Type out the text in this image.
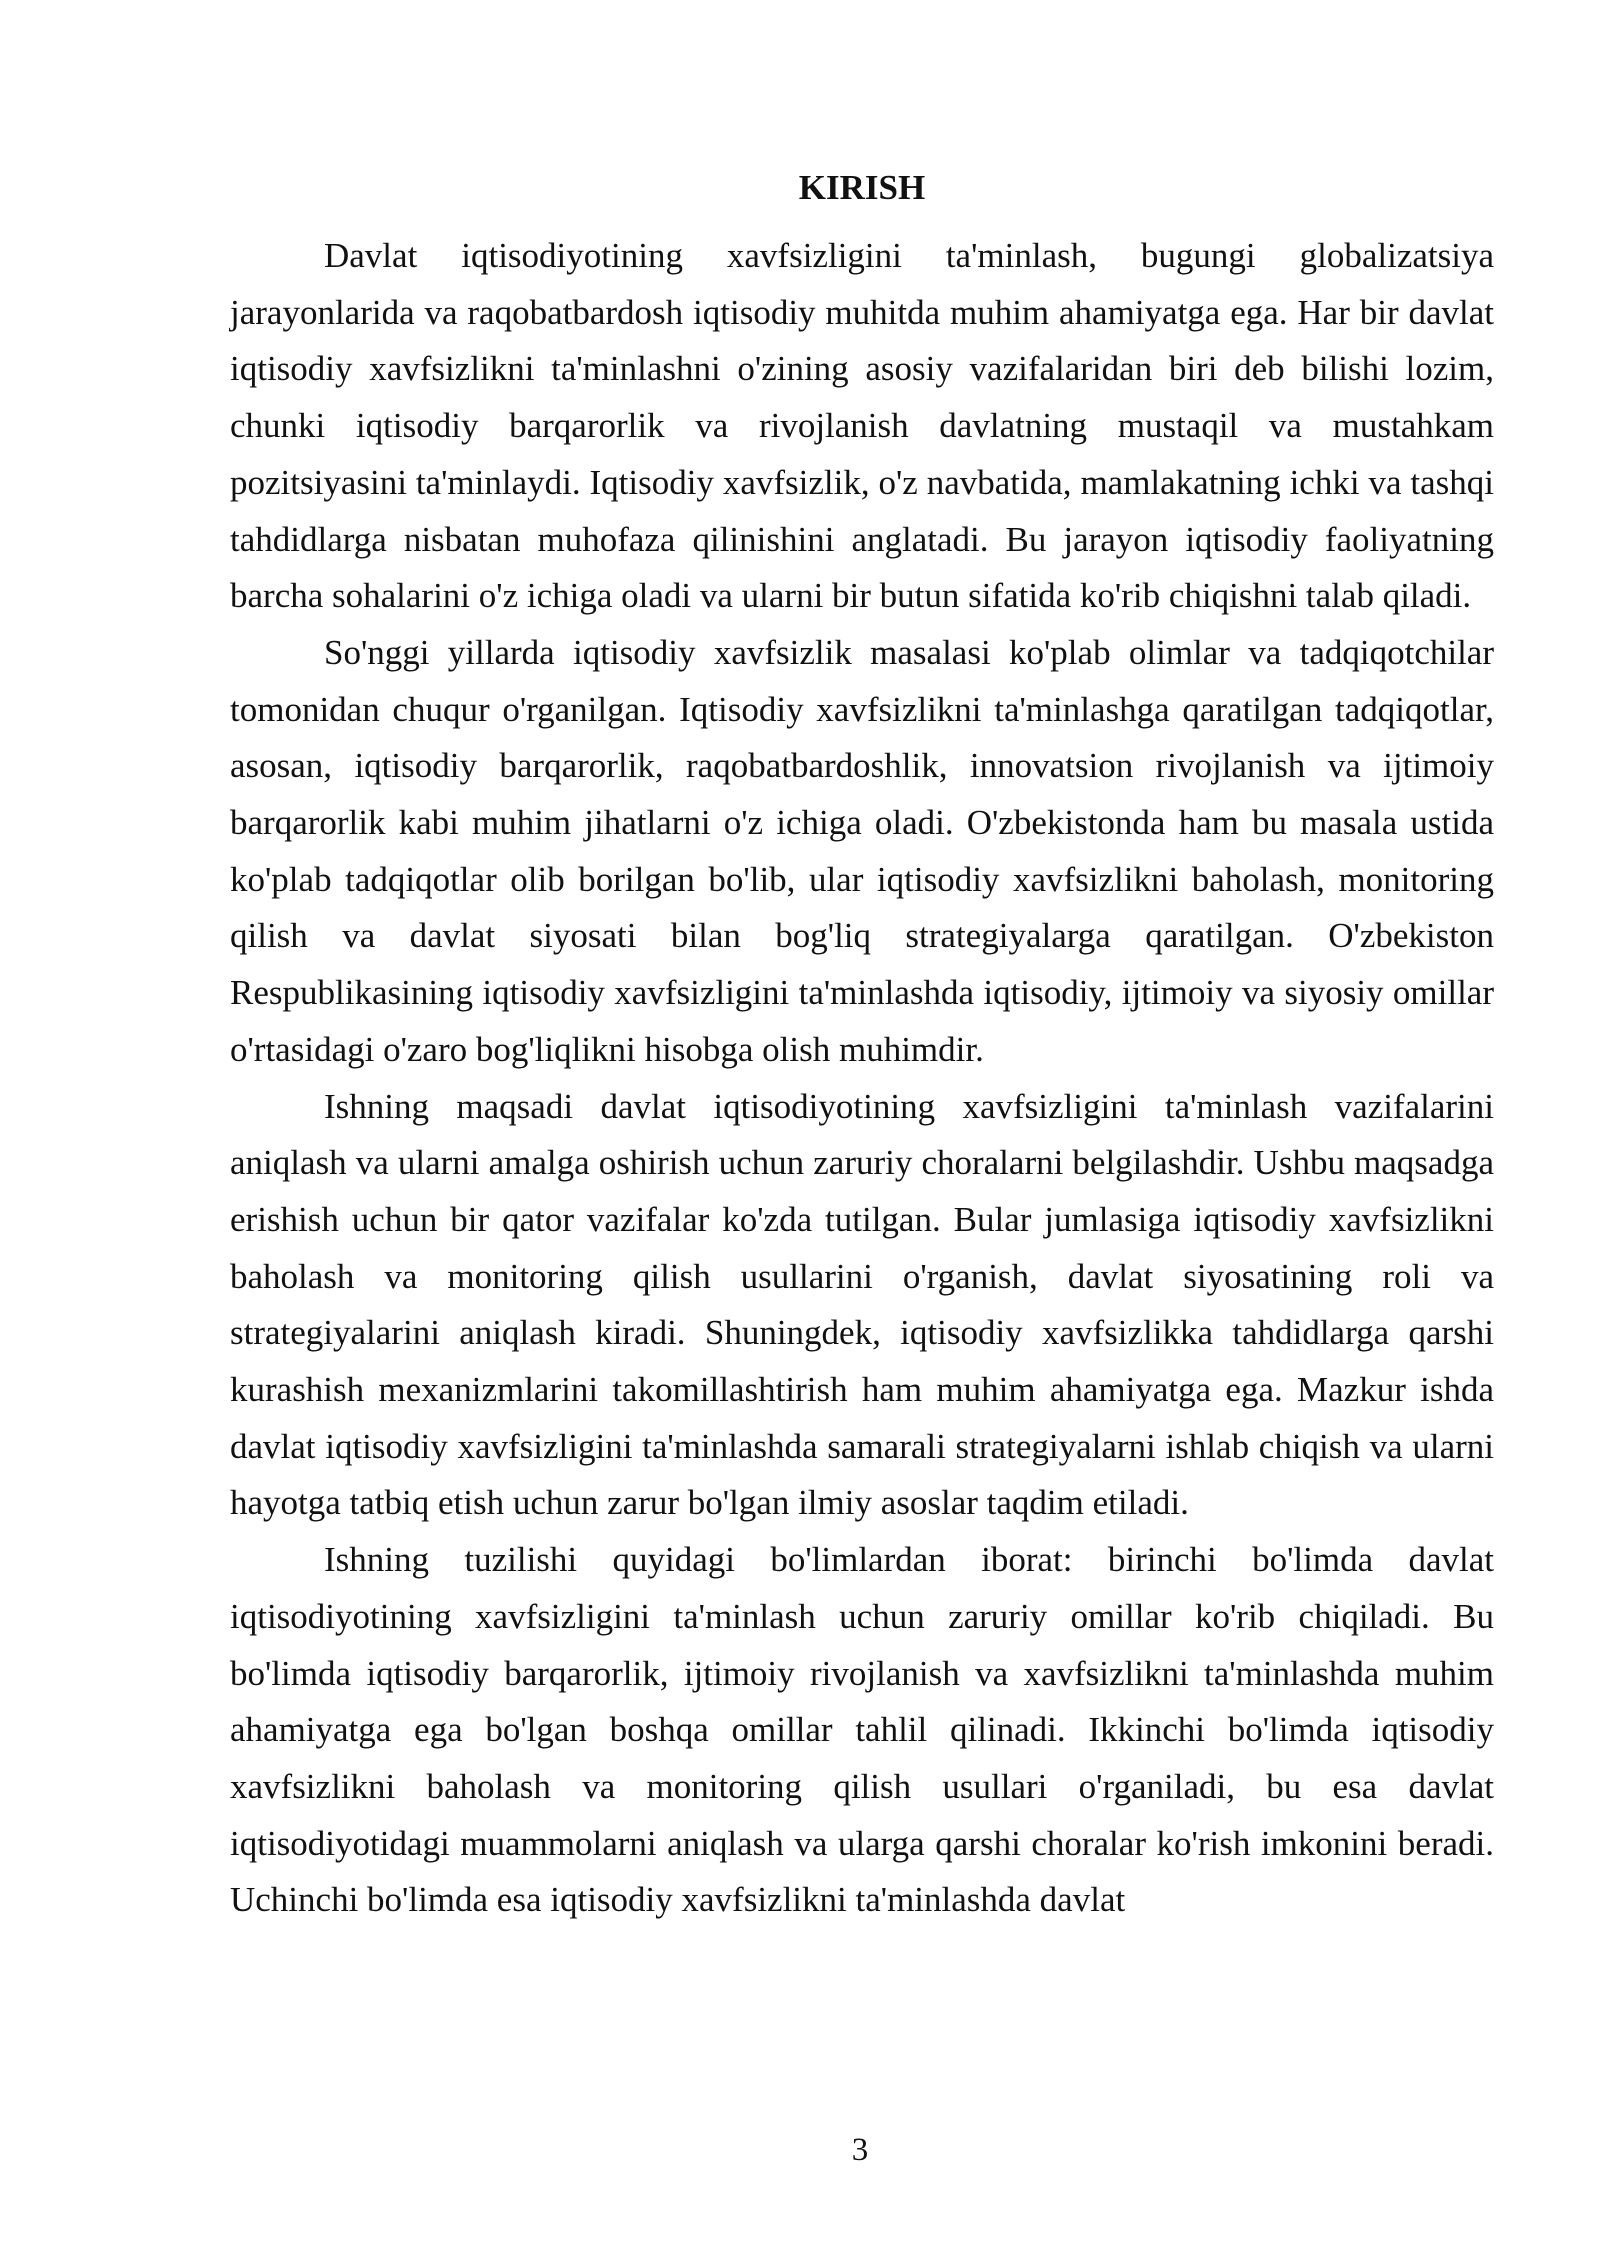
KIRISH

Davlat iqtisodiyotining xavfsizligini ta'minlash, bugungi globalizatsiya jarayonlarida va raqobatbardosh iqtisodiy muhitda muhim ahamiyatga ega. Har bir davlat iqtisodiy xavfsizlikni ta'minlashni o'zining asosiy vazifalaridan biri deb bilishi lozim, chunki iqtisodiy barqarorlik va rivojlanish davlatning mustaqil va mustahkam pozitsiyasini ta'minlaydi. Iqtisodiy xavfsizlik, o'z navbatida, mamlakatning ichki va tashqi tahdidlarga nisbatan muhofaza qilinishini anglatadi. Bu jarayon iqtisodiy faoliyatning barcha sohalarini o'z ichiga oladi va ularni bir butun sifatida ko'rib chiqishni talab qiladi.

So'nggi yillarda iqtisodiy xavfsizlik masalasi ko'plab olimlar va tadqiqotchilar tomonidan chuqur o'rganilgan. Iqtisodiy xavfsizlikni ta'minlashga qaratilgan tadqiqotlar, asosan, iqtisodiy barqarorlik, raqobatbardoshlik, innovatsion rivojlanish va ijtimoiy barqarorlik kabi muhim jihatlarni o'z ichiga oladi. O'zbekistonda ham bu masala ustida ko'plab tadqiqotlar olib borilgan bo'lib, ular iqtisodiy xavfsizlikni baholash, monitoring qilish va davlat siyosati bilan bog'liq strategiyalarga qaratilgan. O'zbekiston Respublikasining iqtisodiy xavfsizligini ta'minlashda iqtisodiy, ijtimoiy va siyosiy omillar o'rtasidagi o'zaro bog'liqlikni hisobga olish muhimdir.

Ishning maqsadi davlat iqtisodiyotining xavfsizligini ta'minlash vazifalarini aniqlash va ularni amalga oshirish uchun zaruriy choralarni belgilashdir. Ushbu maqsadga erishish uchun bir qator vazifalar ko'zda tutilgan. Bular jumlasiga iqtisodiy xavfsizlikni baholash va monitoring qilish usullarini o'rganish, davlat siyosatining roli va strategiyalarini aniqlash kiradi. Shuningdek, iqtisodiy xavfsizlikka tahdidlarga qarshi kurashish mexanizmlarini takomillashtirish ham muhim ahamiyatga ega. Mazkur ishda davlat iqtisodiy xavfsizligini ta'minlashda samarali strategiyalarni ishlab chiqish va ularni hayotga tatbiq etish uchun zarur bo'lgan ilmiy asoslar taqdim etiladi.

Ishning tuzilishi quyidagi bo'limlardan iborat: birinchi bo'limda davlat iqtisodiyotining xavfsizligini ta'minlash uchun zaruriy omillar ko'rib chiqiladi. Bu bo'limda iqtisodiy barqarorlik, ijtimoiy rivojlanish va xavfsizlikni ta'minlashda muhim ahamiyatga ega bo'lgan boshqa omillar tahlil qilinadi. Ikkinchi bo'limda iqtisodiy xavfsizlikni baholash va monitoring qilish usullari o'rganiladi, bu esa davlat iqtisodiyotidagi muammolarni aniqlash va ularga qarshi choralar ko'rish imkonini beradi. Uchinchi bo'limda esa iqtisodiy xavfsizlikni ta'minlashda davlat

3
